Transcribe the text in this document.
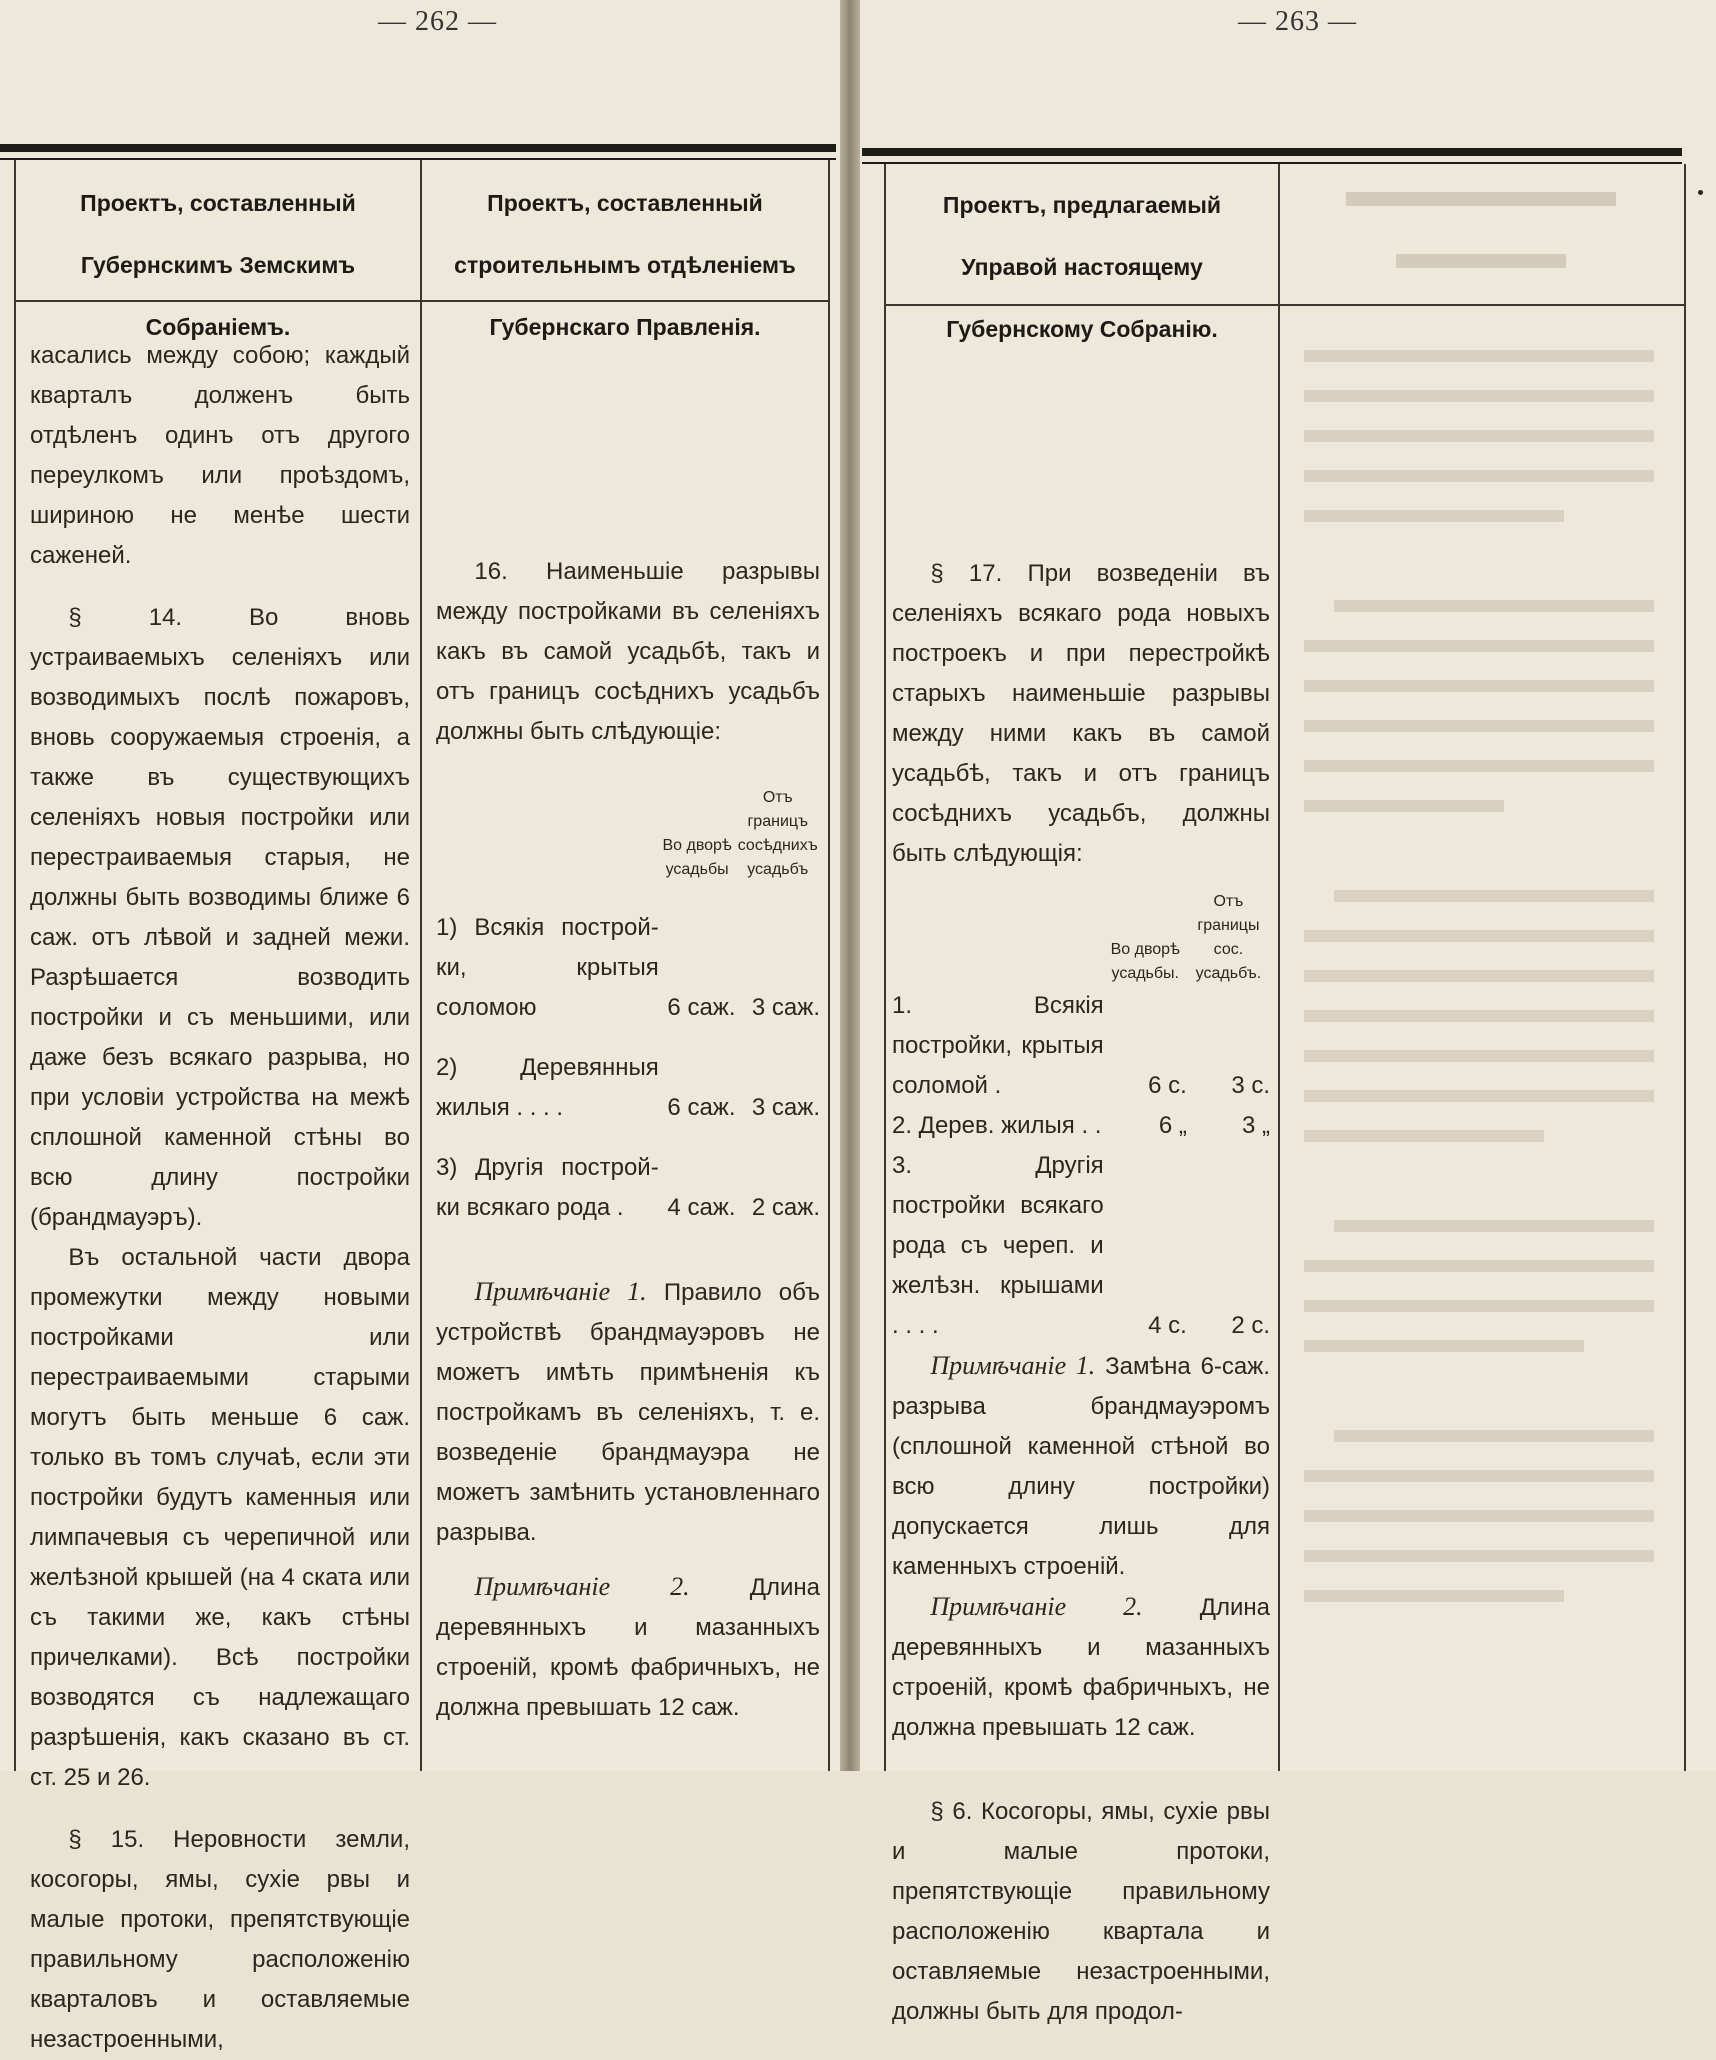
— 262 —
Проектъ, составленный Губернскимъ Земскимъ Собраніемъ.
Проектъ, составленный строительнымъ отдѣленіемъ Губернскаго Правленія.

касались между собою; каждый кварталъ долженъ быть отдѣленъ одинъ отъ другого переулкомъ или проѣздомъ, шириною не менѣе шести саженей.

§ 14. Во вновь устраиваемыхъ селеніяхъ или возводимыхъ послѣ пожаровъ, вновь сооружаемыя строенія, а также въ существующихъ селеніяхъ новыя постройки или перестраиваемыя старыя, не должны быть возводимы ближе 6 саж. отъ лѣвой и задней межи. Разрѣшается возводить постройки и съ меньшими, или даже безъ всякаго разрыва, но при условіи устройства на межѣ сплошной каменной стѣны во всю длину постройки (брандмауэръ).

Въ остальной части двора промежутки между новыми постройками или перестраиваемыми старыми могутъ быть меньше 6 саж. только въ томъ случаѣ, если эти постройки будутъ каменныя или лимпачевыя съ черепичной или желѣзной крышей (на 4 ската или съ такими же, какъ стѣны причелками). Всѣ постройки возводятся съ надлежащаго разрѣшенія, какъ сказано въ ст. ст. 25 и 26.

§ 15. Неровности земли, косогоры, ямы, сухіе рвы и малые протоки, препятствующіе правильному расположенію кварталовъ и оставляемые незастроенными,

16. Наименьшіе разрывы между постройками въ селеніяхъ какъ въ самой усадьбѣ, такъ и отъ границъ сосѣднихъ усадьбъ должны быть слѣдующіе:

	Во дворѣ усадьбы	Отъ границъ сосѣднихъ усадьбъ
1) Всякія построй-ки, крытыя соломою	6 саж.	3 саж.
2) Деревянныя жилыя . . . .	6 саж.	3 саж.
3) Другія построй-ки всякаго рода .	4 саж.	2 саж.

Примѣчаніе 1. Правило объ устройствѣ брандмауэровъ не можетъ имѣть примѣненія къ постройкамъ въ селеніяхъ, т. е. возведеніе брандмауэра не можетъ замѣнить установленнаго разрыва.

Примѣчаніе 2.	Длина деревянныхъ и мазанныхъ строеній, кромѣ фабричныхъ, не должна превышать 12 саж.

— 263 —
Проектъ, предлагаемый Управой настоящему Губернскому Собранію.

§ 17. При возведеніи въ селеніяхъ всякаго рода новыхъ построекъ и при перестройкѣ старыхъ наименьшіе разрывы между ними какъ въ самой усадьбѣ, такъ и отъ границъ сосѣднихъ усадьбъ, должны быть слѣдующія:

	Во дворѣ усадьбы.	Отъ границы сос. усадьбъ.
1. Всякія постройки, крытыя соломой .	6 с.	3 с.
2. Дерев. жилыя . .	6 „	3 „
3. Другія постройки всякаго рода съ череп. и желѣзн. крышами . . . .	4 с.	2 с.

Примѣчаніе 1. Замѣна 6-саж. разрыва брандмауэромъ (сплошной каменной стѣной во всю длину постройки) допускается лишь для каменныхъ строеній.

Примѣчаніе 2. Длина деревянныхъ и мазанныхъ строеній, кромѣ фабричныхъ, не должна превышать 12 саж.

§ 6. Косогоры, ямы, сухіе рвы и малые протоки, препятствующіе правильному расположенію квартала и оставляемые незастроенными, должны быть для продол-
